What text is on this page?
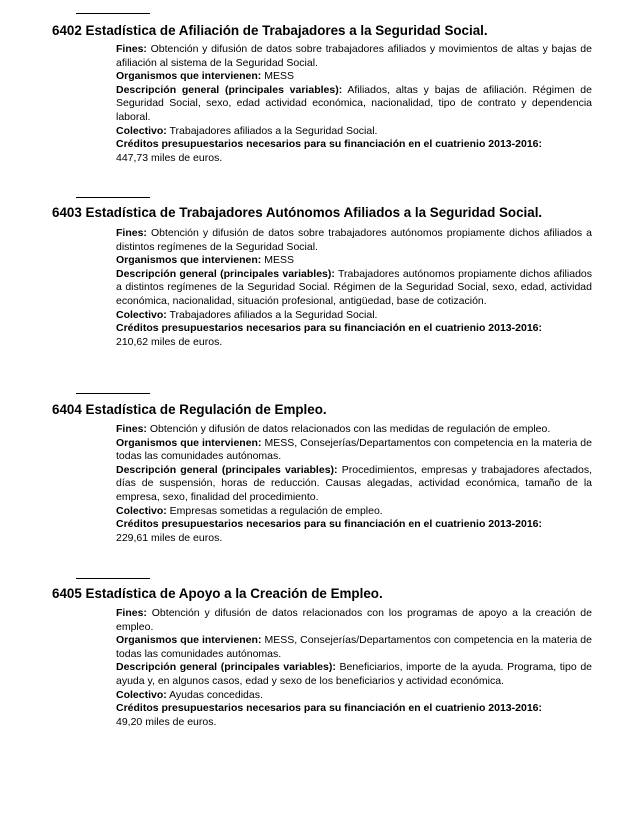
6402 Estadística de Afiliación de Trabajadores a la Seguridad Social.

Fines: Obtención y difusión de datos sobre trabajadores afiliados y movimientos de altas y bajas de afiliación al sistema de la Seguridad Social.

Organismos que intervienen: MESS

Descripción general (principales variables): Afiliados, altas y bajas de afiliación. Régimen de Seguridad Social, sexo, edad actividad económica, nacionalidad, tipo de contrato y dependencia laboral.

Colectivo: Trabajadores afiliados a la Seguridad Social.

Créditos presupuestarios necesarios para su financiación en el cuatrienio 2013-2016:

447,73 miles de euros.

6403 Estadística de Trabajadores Autónomos Afiliados a la Seguridad Social.

Fines: Obtención y difusión de datos sobre trabajadores autónomos propiamente dichos afiliados a distintos regímenes de la Seguridad Social.

Organismos que intervienen: MESS

Descripción general (principales variables): Trabajadores autónomos propiamente dichos afiliados a distintos regímenes de la Seguridad Social. Régimen de la Seguridad Social, sexo, edad, actividad económica, nacionalidad, situación profesional, antigüedad, base de cotización.

Colectivo: Trabajadores afiliados a la Seguridad Social.

Créditos presupuestarios necesarios para su financiación en el cuatrienio 2013-2016:

210,62 miles de euros.

6404 Estadística de Regulación de Empleo.

Fines: Obtención y difusión de datos relacionados con las medidas de regulación de empleo.

Organismos que intervienen: MESS, Consejerías/Departamentos con competencia en la materia de todas las comunidades autónomas.

Descripción general (principales variables): Procedimientos, empresas y trabajadores afectados, días de suspensión, horas de reducción. Causas alegadas, actividad económica, tamaño de la empresa, sexo, finalidad del procedimiento.

Colectivo: Empresas sometidas a regulación de empleo.

Créditos presupuestarios necesarios para su financiación en el cuatrienio 2013-2016:

229,61 miles de euros.

6405 Estadística de Apoyo a la Creación de Empleo.

Fines: Obtención y difusión de datos relacionados con los programas de apoyo a la creación de empleo.

Organismos que intervienen: MESS, Consejerías/Departamentos con competencia en la materia de todas las comunidades autónomas.

Descripción general (principales variables): Beneficiarios, importe de la ayuda. Programa, tipo de ayuda y, en algunos casos, edad y sexo de los beneficiarios y actividad económica.

Colectivo: Ayudas concedidas.

Créditos presupuestarios necesarios para su financiación en el cuatrienio 2013-2016:

49,20 miles de euros.
